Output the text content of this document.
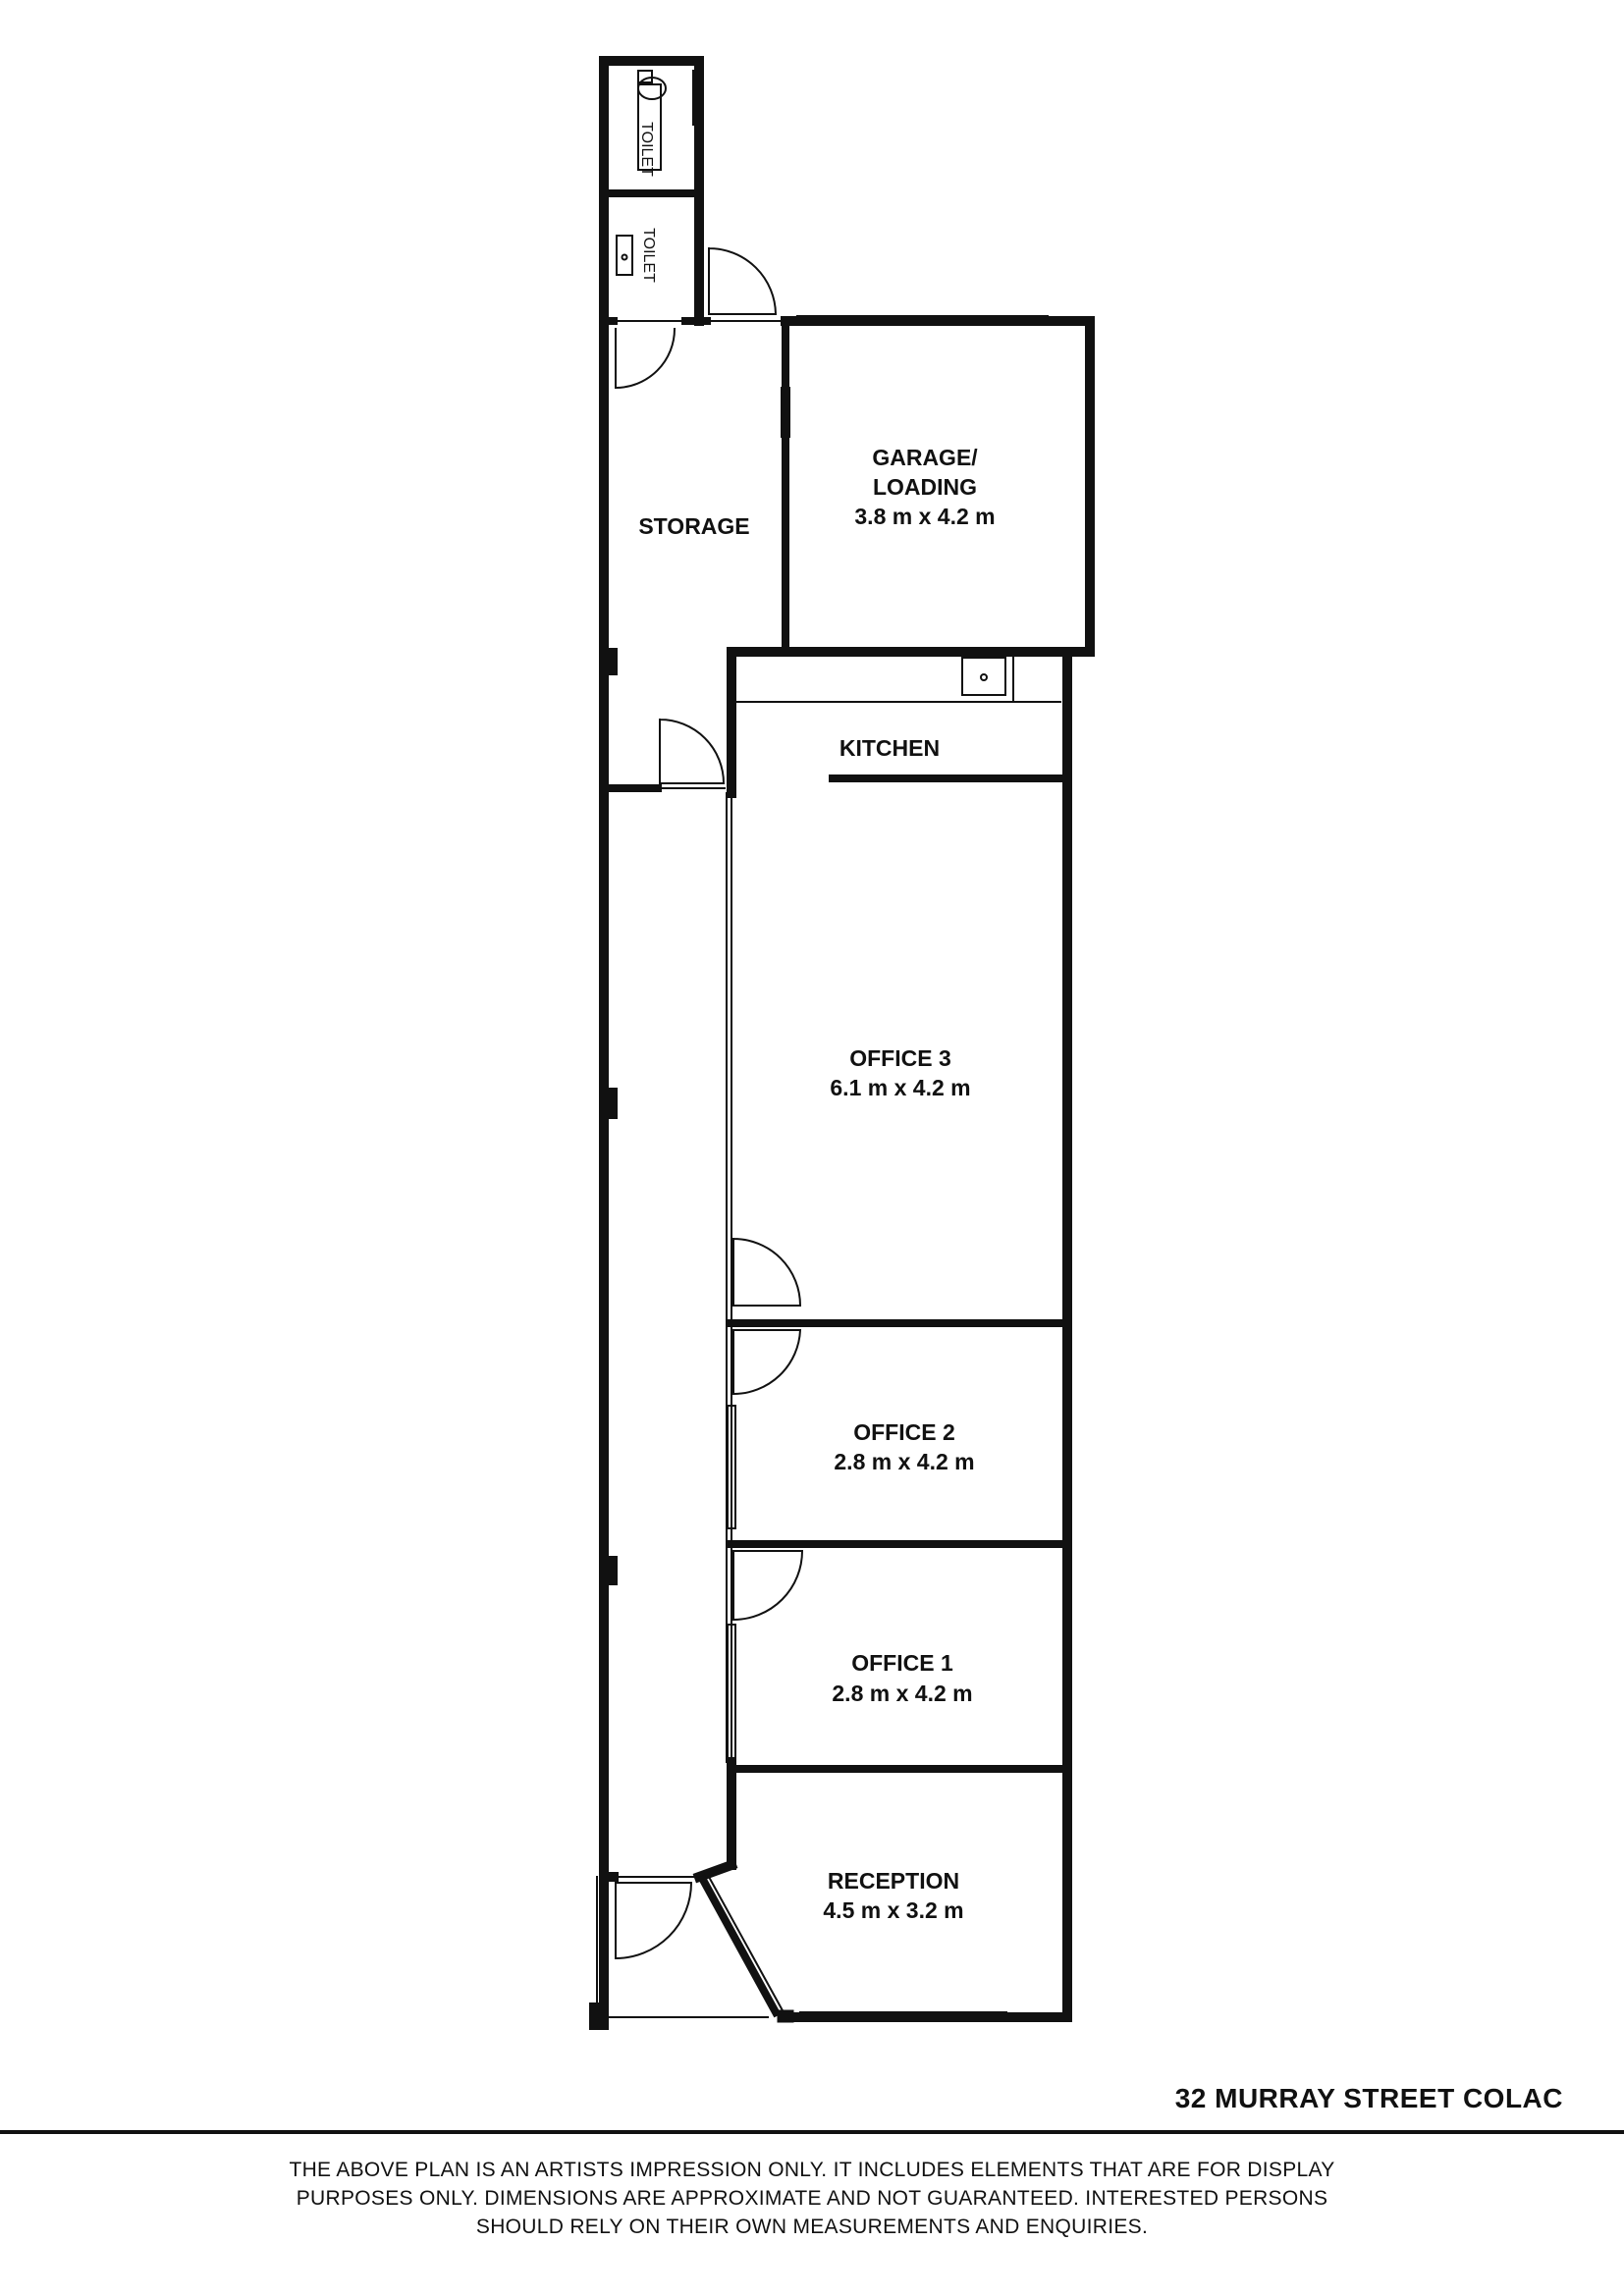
TOILET
TOILET
STORAGE
GARAGE/
LOADING
3.8 m x 4.2 m
KITCHEN
OFFICE 3
6.1 m x 4.2 m
OFFICE 2
2.8 m x 4.2 m
OFFICE 1
2.8 m x 4.2 m
RECEPTION
4.5 m x 3.2 m
32 MURRAY STREET COLAC
THE ABOVE PLAN IS AN ARTISTS IMPRESSION ONLY. IT INCLUDES ELEMENTS THAT ARE FOR DISPLAY
PURPOSES ONLY. DIMENSIONS ARE APPROXIMATE AND NOT GUARANTEED. INTERESTED PERSONS
SHOULD RELY ON THEIR OWN MEASUREMENTS AND ENQUIRIES.
